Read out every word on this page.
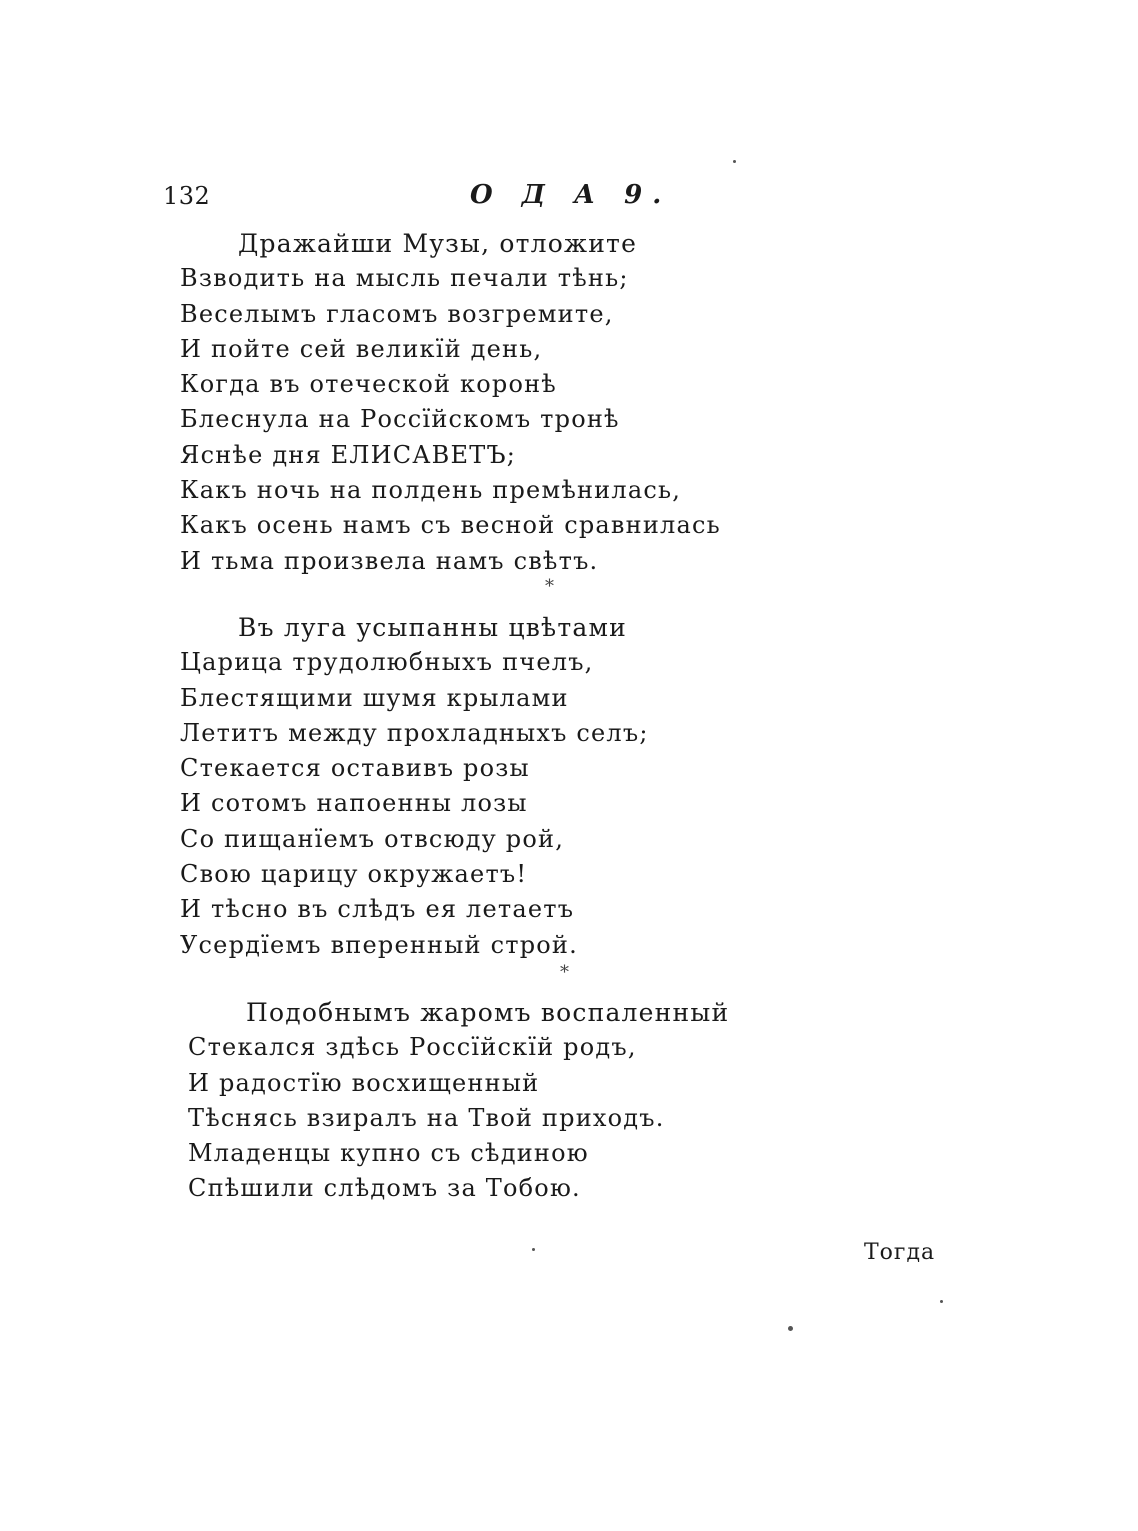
132	О Д А 9.
Дражайши Музы, отложите
Взводить на мысль печали тѣнь;
Веселымъ гласомъ возгремите,
И пойте сей великїй день,
Когда въ отеческой коронѣ
Блеснула на Россїйскомъ тронѣ
Яснѣе дня ЕЛИСАВЕТЪ;
Какъ ночь на полдень премѣнилась,
Какъ осень намъ съ весной сравнилась
И тьма произвела намъ свѣтъ.
*
Въ луга усыпанны цвѣтами
Царица трудолюбныхъ пчелъ,
Блестящими шумя крылами
Летитъ между прохладныхъ селъ;
Стекается оставивъ розы
И сотомъ напоенны лозы
Со пищанїемъ отвсюду рой,
Свою царицу окружаетъ!
И тѣсно въ слѣдъ ея летаетъ
Усердїемъ вперенный строй.
*
Подобнымъ жаромъ воспаленный
Стекался здѣсь Россїйскїй родъ,
И радостїю восхищенный
Тѣснясь взиралъ на Твой приходъ.
Младенцы купно съ сѣдиною
Спѣшили слѣдомъ за Тобою.
Тогда
